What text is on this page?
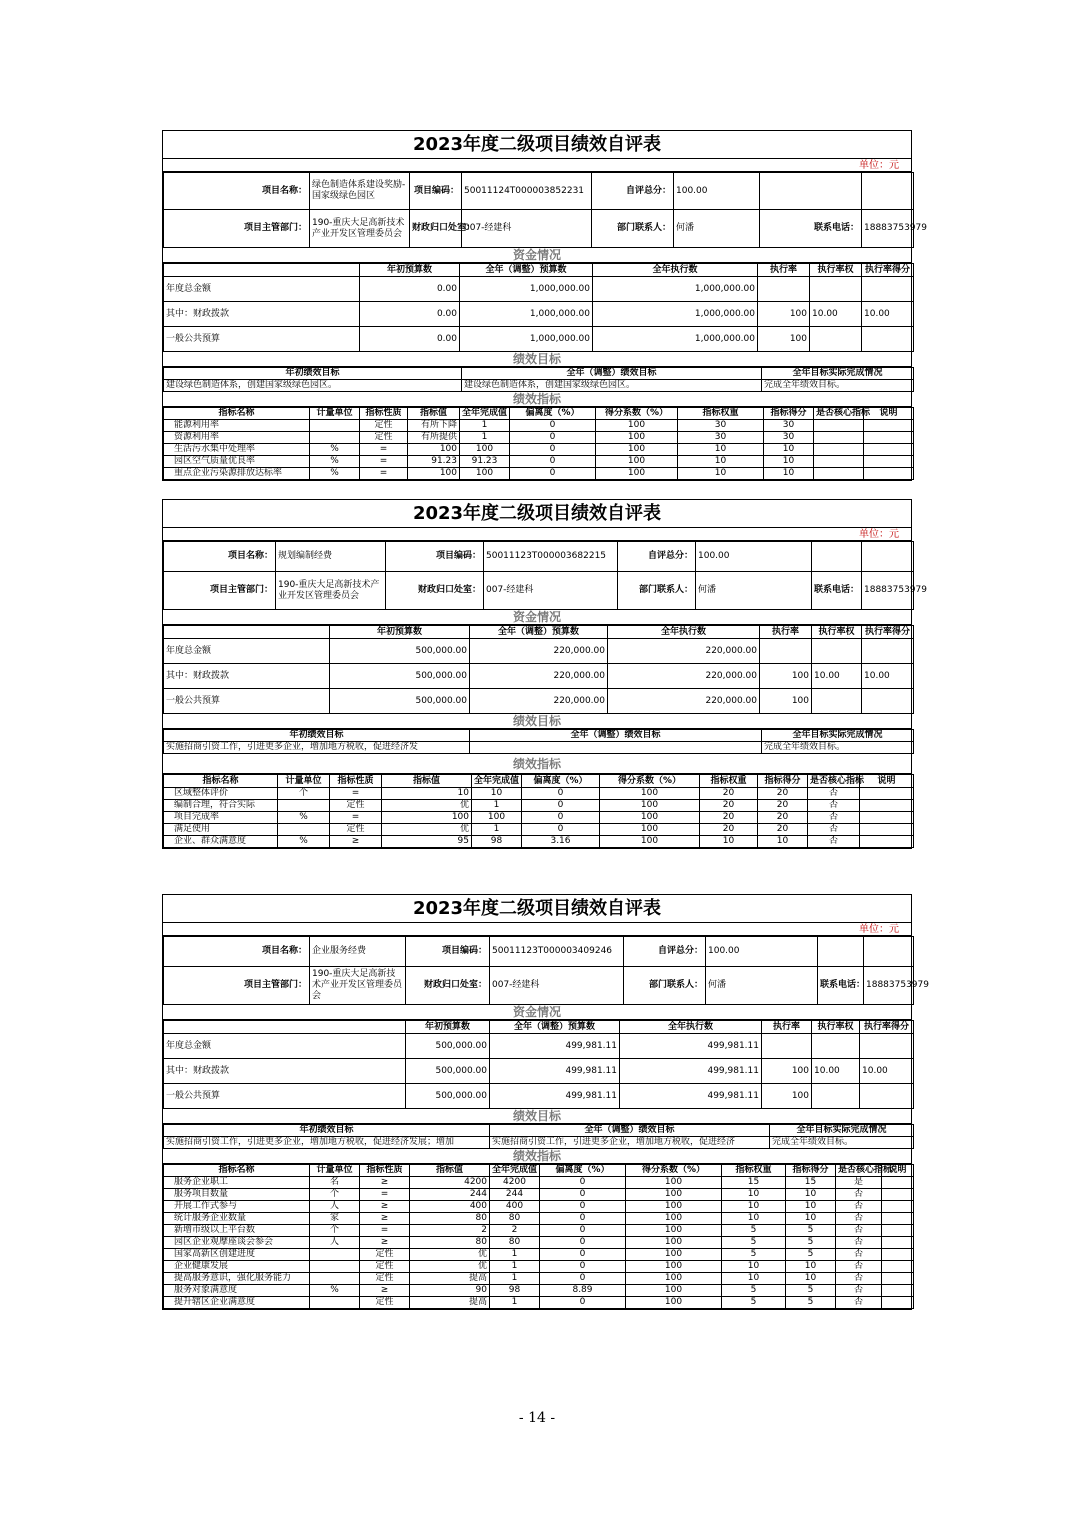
2023年度二级项目绩效自评表
单位：元
项目名称：	绿色制造体系建设奖励-国家级绿色园区	项目编码：	50011124T000003852231	自评总分：	100.00		
项目主管部门：	190-重庆大足高新技术产业开发区管理委员会	财政归口处室：	007-经建科	部门联系人：	何潘	联系电话：	18883753979
资金情况
	年初预算数	全年（调整）预算数	全年执行数	执行率	执行率权	执行率得分
年度总金额	0.00	1,000,000.00	1,000,000.00			
其中：财政拨款	0.00	1,000,000.00	1,000,000.00	100	10.00	10.00
一般公共预算	0.00	1,000,000.00	1,000,000.00	100		
绩效目标
年初绩效目标	全年（调整）绩效目标	全年目标实际完成情况
建设绿色制造体系，创建国家级绿色园区。	建设绿色制造体系，创建国家级绿色园区。	完成全年绩效目标。
绩效指标
指标名称	计量单位	指标性质	指标值	全年完成值	偏离度（%）	得分系数（%）	指标权重	指标得分	是否核心指标	说明
能源利用率		定性	有所下降	1	0	100	30	30		
资源利用率		定性	有所提供	1	0	100	30	30		
生活污水集中处理率	%	=	100	100	0	100	10	10		
园区空气质量优良率	%	=	91.23	91.23	0	100	10	10		
重点企业污染源排放达标率	%	=	100	100	0	100	10	10		
2023年度二级项目绩效自评表
单位：元
项目名称：	规划编制经费	项目编码：	50011123T000003682215	自评总分：	100.00		
项目主管部门：	190-重庆大足高新技术产业开发区管理委员会	财政归口处室：	007-经建科	部门联系人：	何潘	联系电话：	18883753979
资金情况
	年初预算数	全年（调整）预算数	全年执行数	执行率	执行率权	执行率得分
年度总金额	500,000.00	220,000.00	220,000.00			
其中：财政拨款	500,000.00	220,000.00	220,000.00	100	10.00	10.00
一般公共预算	500,000.00	220,000.00	220,000.00	100		
绩效目标
年初绩效目标	全年（调整）绩效目标	全年目标实际完成情况
实施招商引资工作，引进更多企业，增加地方税收，促进经济发		完成全年绩效目标。
绩效指标
指标名称	计量单位	指标性质	指标值	全年完成值	偏离度（%）	得分系数（%）	指标权重	指标得分	是否核心指标	说明
区域整体评价	个	=	10	10	0	100	20	20	否	
编制合理，符合实际		定性	优	1	0	100	20	20	否	
项目完成率	%	=	100	100	0	100	20	20	否	
满足使用		定性	优	1	0	100	20	20	否	
企业、群众满意度	%	≥	95	98	3.16	100	10	10	否	
2023年度二级项目绩效自评表
单位：元
项目名称：	企业服务经费	项目编码：	50011123T000003409246	自评总分：	100.00		
项目主管部门：	190-重庆大足高新技术产业开发区管理委员会	财政归口处室：	007-经建科	部门联系人：	何潘	联系电话：	18883753979
资金情况
	年初预算数	全年（调整）预算数	全年执行数	执行率	执行率权	执行率得分
年度总金额	500,000.00	499,981.11	499,981.11			
其中：财政拨款	500,000.00	499,981.11	499,981.11	100	10.00	10.00
一般公共预算	500,000.00	499,981.11	499,981.11	100		
绩效目标
年初绩效目标	全年（调整）绩效目标	全年目标实际完成情况
实施招商引资工作，引进更多企业，增加地方税收，促进经济发展；增加	实施招商引资工作，引进更多企业，增加地方税收，促进经济	完成全年绩效目标。
绩效指标
指标名称	计量单位	指标性质	指标值	全年完成值	偏离度（%）	得分系数（%）	指标权重	指标得分	是否核心指标	说明
服务企业职工	名	≥	4200	4200	0	100	15	15	是	
服务项目数量	个	=	244	244	0	100	10	10	否	
开展工作式参与	人	≥	400	400	0	100	10	10	否	
统计服务企业数量	家	≥	80	80	0	100	10	10	否	
新增市级以上平台数	个	=	2	2	0	100	5	5	否	
园区企业观摩座谈会参会	人	≥	80	80	0	100	5	5	否	
国家高新区创建进度		定性	优	1	0	100	5	5	否	
企业健康发展		定性	优	1	0	100	10	10	否	
提高服务意识，强化服务能力		定性	提高	1	0	100	10	10	否	
服务对象满意度	%	≥	90	98	8.89	100	5	5	否	
提升辖区企业满意度		定性	提高	1	0	100	5	5	否	
- 14 -
